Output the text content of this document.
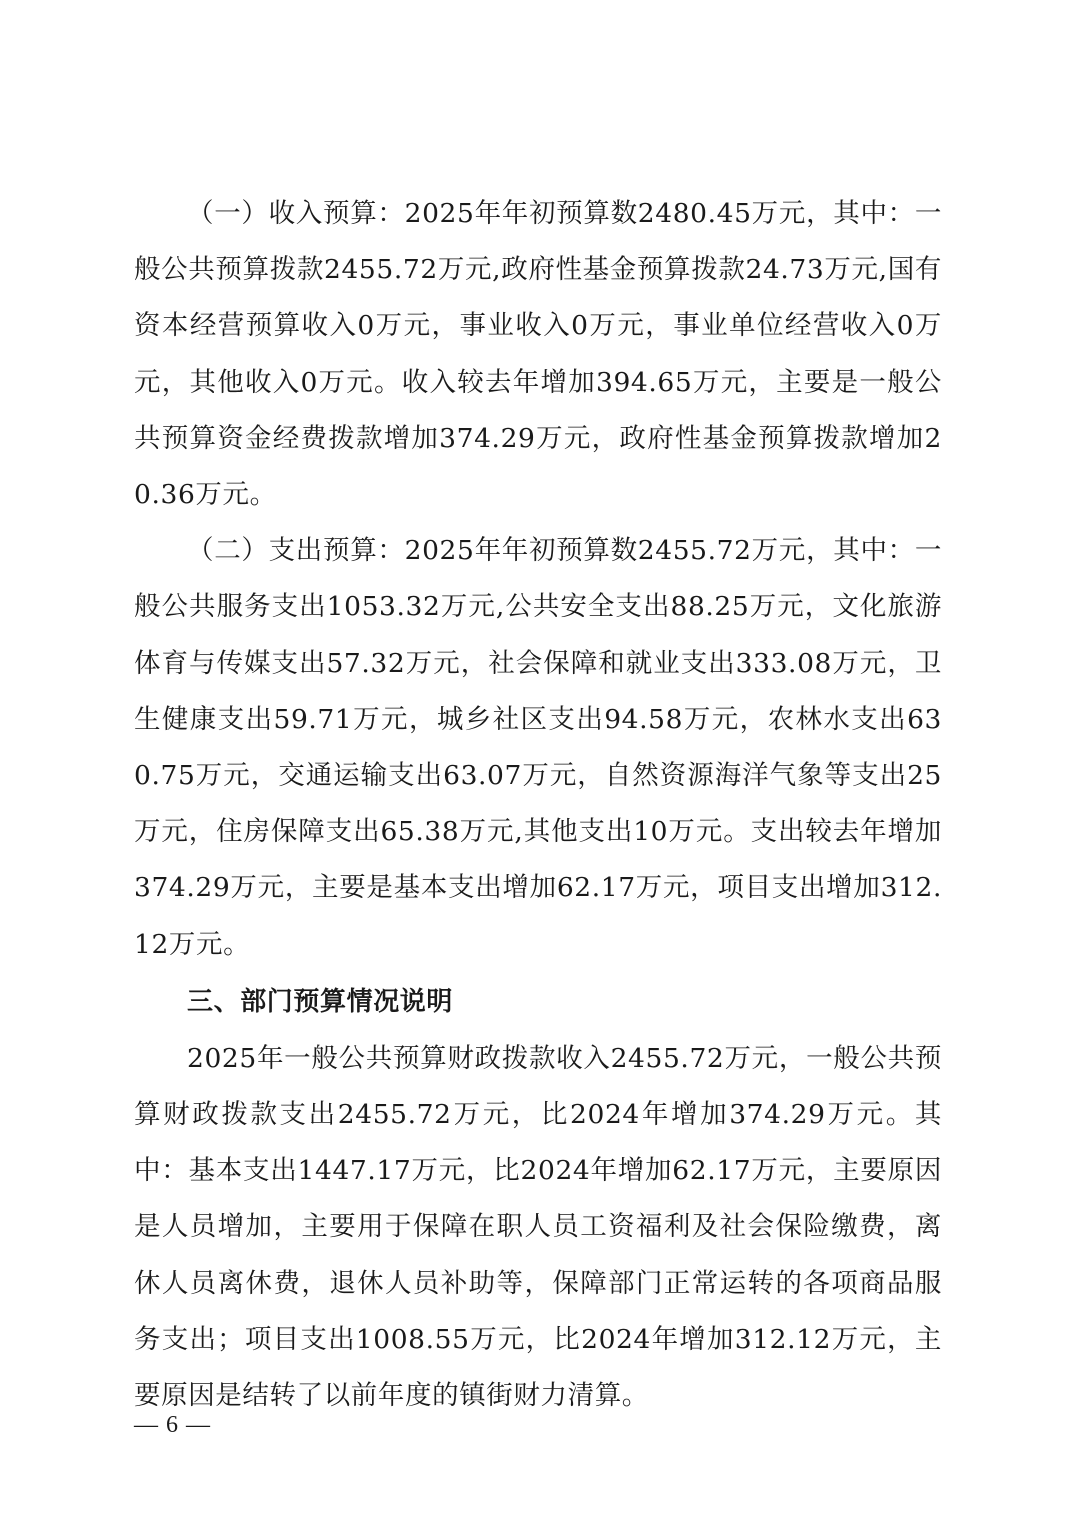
（一）收入预算：2025年年初预算数2480.45万元，其中：一般公共预算拨款2455.72万元,政府性基金预算拨款24.73万元,国有资本经营预算收入0万元，事业收入0万元，事业单位经营收入0万元，其他收入0万元。收入较去年增加394.65万元，主要是一般公共预算资金经费拨款增加374.29万元，政府性基金预算拨款增加20.36万元。

（二）支出预算：2025年年初预算数2455.72万元，其中：一般公共服务支出1053.32万元,公共安全支出88.25万元，文化旅游体育与传媒支出57.32万元，社会保障和就业支出333.08万元，卫生健康支出59.71万元，城乡社区支出94.58万元，农林水支出630.75万元，交通运输支出63.07万元，自然资源海洋气象等支出25万元，住房保障支出65.38万元,其他支出10万元。支出较去年增加374.29万元，主要是基本支出增加62.17万元，项目支出增加312.12万元。

三、部门预算情况说明

2025年一般公共预算财政拨款收入2455.72万元，一般公共预算财政拨款支出2455.72万元，比2024年增加374.29万元。其中：基本支出1447.17万元，比2024年增加62.17万元，主要原因是人员增加，主要用于保障在职人员工资福利及社会保险缴费，离休人员离休费，退休人员补助等，保障部门正常运转的各项商品服务支出；项目支出1008.55万元，比2024年增加312.12万元，主要原因是结转了以前年度的镇街财力清算。

— 6 —
